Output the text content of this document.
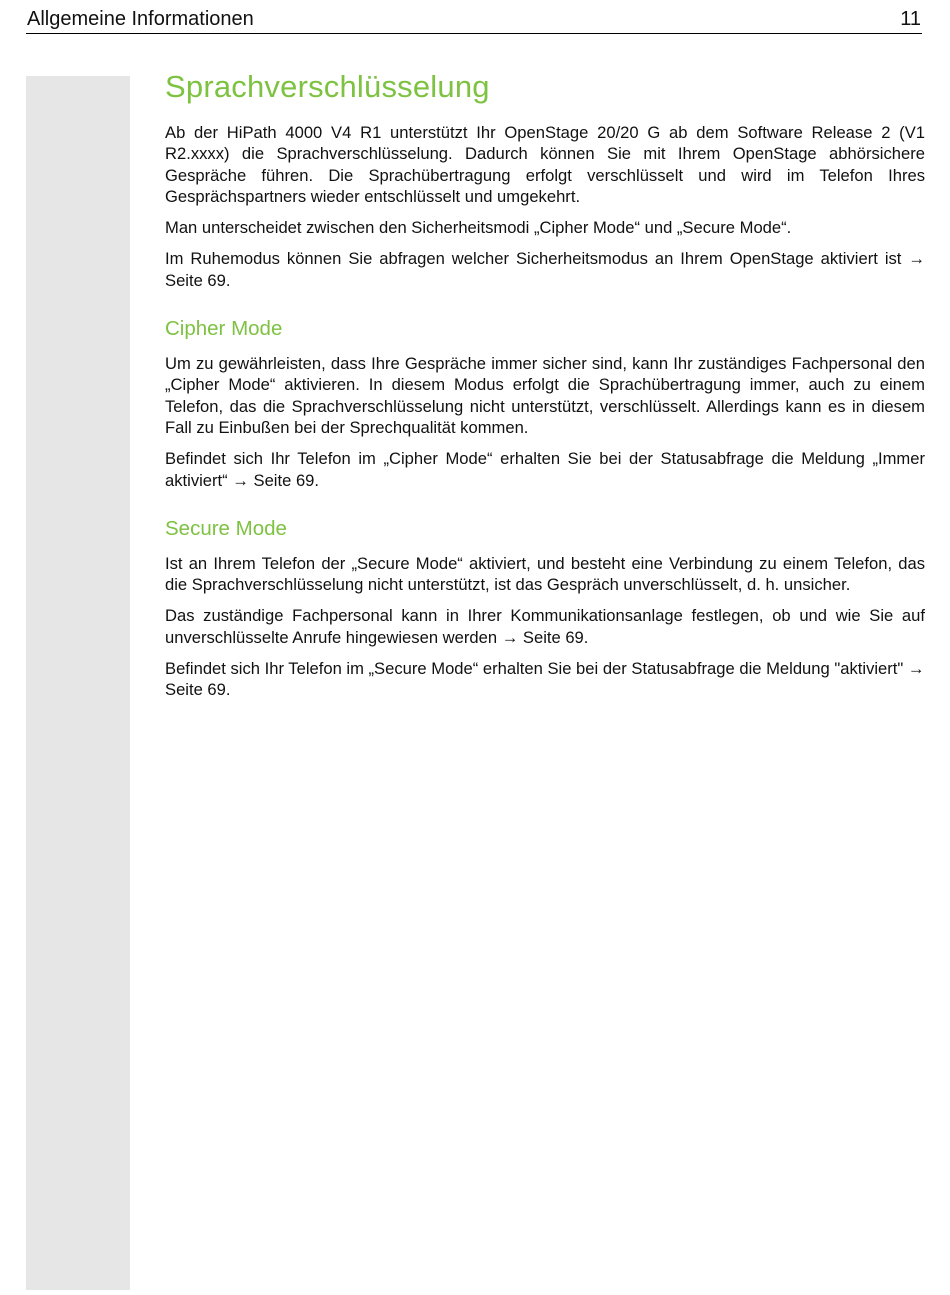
Allgemeine Informationen	11
Sprachverschlüsselung

Ab der HiPath 4000 V4 R1 unterstützt Ihr OpenStage 20/20 G ab dem Software Release 2 (V1 R2.xxxx) die Sprachverschlüsselung. Dadurch können Sie mit Ihrem OpenStage abhörsichere Gespräche führen. Die Sprachübertragung erfolgt verschlüsselt und wird im Telefon Ihres Gesprächspartners wieder entschlüsselt und umgekehrt.

Man unterscheidet zwischen den Sicherheitsmodi „Cipher Mode“ und „Secure Mode“.

Im Ruhemodus können Sie abfragen welcher Sicherheitsmodus an Ihrem OpenStage aktiviert ist → Seite 69.

Cipher Mode

Um zu gewährleisten, dass Ihre Gespräche immer sicher sind, kann Ihr zuständiges Fachpersonal den „Cipher Mode“ aktivieren. In diesem Modus erfolgt die Sprachübertragung immer, auch zu einem Telefon, das die Sprachverschlüsselung nicht unterstützt, verschlüsselt. Allerdings kann es in diesem Fall zu Einbußen bei der Sprechqualität kommen.

Befindet sich Ihr Telefon im „Cipher Mode“ erhalten Sie bei der Statusabfrage die Meldung „Immer aktiviert“ → Seite 69.

Secure Mode

Ist an Ihrem Telefon der „Secure Mode“ aktiviert, und besteht eine Verbindung zu einem Telefon, das die Sprachverschlüsselung nicht unterstützt, ist das Gespräch unverschlüsselt, d. h. unsicher.

Das zuständige Fachpersonal kann in Ihrer Kommunikationsanlage festlegen, ob und wie Sie auf unverschlüsselte Anrufe hingewiesen werden → Seite 69.

Befindet sich Ihr Telefon im „Secure Mode“ erhalten Sie bei der Statusabfrage die Meldung "aktiviert" → Seite 69.
